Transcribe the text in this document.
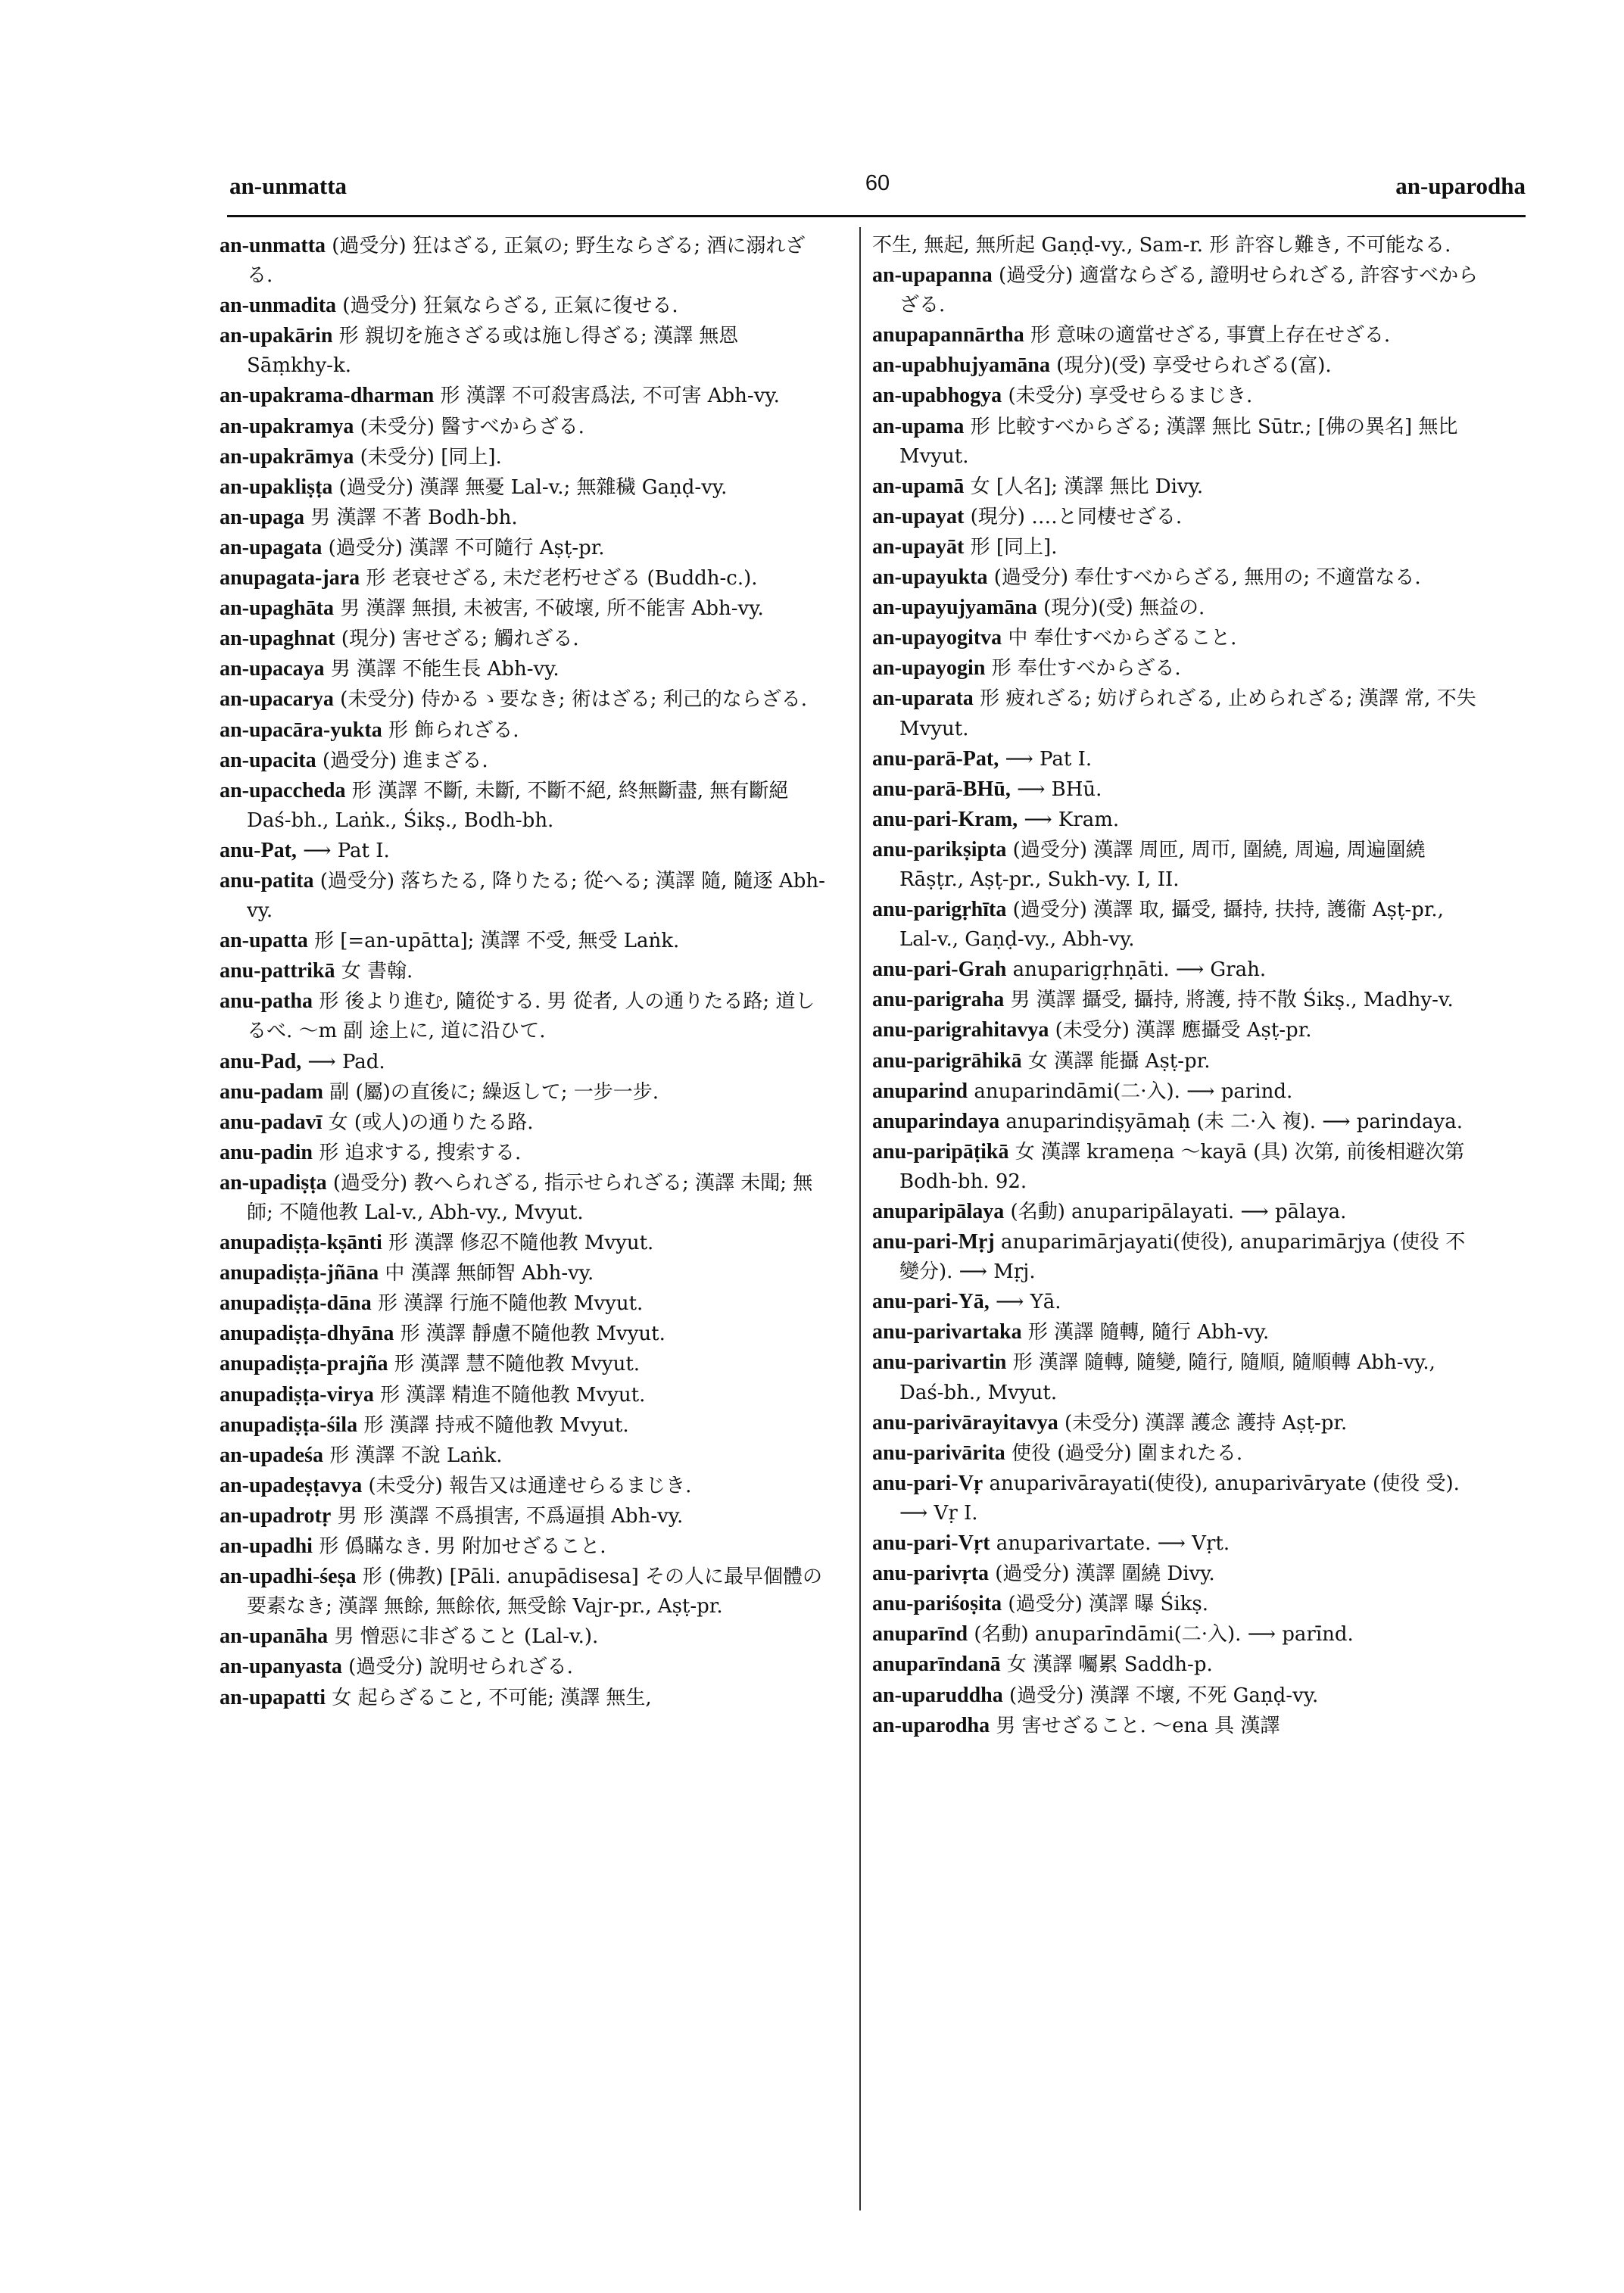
an-unmatta	60	an-uparodha
an-unmatta (過受分) 狂はざる, 正氣の; 野生ならざる; 酒に溺れざる.
an-unmadita (過受分) 狂氣ならざる, 正氣に復せる.
an-upakārin 形 親切を施さざる或は施し得ざる; 漢譯 無恩 Sāṃkhy-k.
an-upakrama-dharman 形 漢譯 不可殺害爲法, 不可害 Abh-vy.
an-upakramya (未受分) 醫すべからざる.
an-upakrāmya (未受分) [同上].
an-upakliṣṭa (過受分) 漢譯 無憂 Lal-v.; 無雜穢 Gaṇḍ-vy.
an-upaga 男 漢譯 不著 Bodh-bh.
an-upagata (過受分) 漢譯 不可隨行 Aṣṭ-pr.
anupagata-jara 形 老衰せざる, 未だ老朽せざる (Buddh-c.).
an-upaghāta 男 漢譯 無損, 未被害, 不破壞, 所不能害 Abh-vy.
an-upaghnat (現分) 害せざる; 觸れざる.
an-upacaya 男 漢譯 不能生長 Abh-vy.
an-upacarya (未受分) 侍かるゝ要なき; 術はざる; 利己的ならざる.
an-upacāra-yukta 形 飾られざる.
an-upacita (過受分) 進まざる.
an-upaccheda 形 漢譯 不斷, 未斷, 不斷不絕, 終無斷盡, 無有斷絕 Daś-bh., Laṅk., Śikṣ., Bodh-bh.
anu-Pat, ⟶ Pat I.
anu-patita (過受分) 落ちたる, 降りたる; 從へる; 漢譯 隨, 隨逐 Abh-vy.
an-upatta 形 [=an-upātta]; 漢譯 不受, 無受 Laṅk.
anu-pattrikā 女 書翰.
anu-patha 形 後より進む, 隨從する. 男 從者, 人の通りたる路; 道しるべ. ～m 副 途上に, 道に沿ひて.
anu-Pad, ⟶ Pad.
anu-padam 副 (屬)の直後に; 繰返して; 一步一步.
anu-padavī 女 (或人)の通りたる路.
anu-padin 形 追求する, 搜索する.
an-upadiṣṭa (過受分) 教へられざる, 指示せられざる; 漢譯 未聞; 無師; 不隨他教 Lal-v., Abh-vy., Mvyut.
anupadiṣṭa-kṣānti 形 漢譯 修忍不隨他教 Mvyut.
anupadiṣṭa-jñāna 中 漢譯 無師智 Abh-vy.
anupadiṣṭa-dāna 形 漢譯 行施不隨他教 Mvyut.
anupadiṣṭa-dhyāna 形 漢譯 靜慮不隨他教 Mvyut.
anupadiṣṭa-prajña 形 漢譯 慧不隨他教 Mvyut.
anupadiṣṭa-virya 形 漢譯 精進不隨他教 Mvyut.
anupadiṣṭa-śila 形 漢譯 持戒不隨他教 Mvyut.
an-upadeśa 形 漢譯 不說 Laṅk.
an-upadeṣṭavya (未受分) 報告又は通達せらるまじき.
an-upadrotṛ 男 形 漢譯 不爲損害, 不爲逼損 Abh-vy.
an-upadhi 形 僞瞞なき. 男 附加せざること.
an-upadhi-śeṣa 形 (佛教) [Pāli. anupādisesa] その人に最早個體の要素なき; 漢譯 無餘, 無餘依, 無受餘 Vajr-pr., Aṣṭ-pr.
an-upanāha 男 憎惡に非ざること (Lal-v.).
an-upanyasta (過受分) 說明せられざる.
an-upapatti 女 起らざること, 不可能; 漢譯 無生,
不生, 無起, 無所起 Gaṇḍ-vy., Sam-r. 形 許容し難き, 不可能なる.
an-upapanna (過受分) 適當ならざる, 證明せられざる, 許容すべからざる.
anupapannārtha 形 意味の適當せざる, 事實上存在せざる.
an-upabhujyamāna (現分)(受) 享受せられざる(富).
an-upabhogya (未受分) 享受せらるまじき.
an-upama 形 比較すべからざる; 漢譯 無比 Sūtr.; [佛の異名] 無比 Mvyut.
an-upamā 女 [人名]; 漢譯 無比 Divy.
an-upayat (現分) ‥‥と同棲せざる.
an-upayāt 形 [同上].
an-upayukta (過受分) 奉仕すべからざる, 無用の; 不適當なる.
an-upayujyamāna (現分)(受) 無益の.
an-upayogitva 中 奉仕すべからざること.
an-upayogin 形 奉仕すべからざる.
an-uparata 形 疲れざる; 妨げられざる, 止められざる; 漢譯 常, 不失 Mvyut.
anu-parā-Pat, ⟶ Pat I.
anu-parā-BHū, ⟶ BHū.
anu-pari-Kram, ⟶ Kram.
anu-parikṣipta (過受分) 漢譯 周匝, 周帀, 圍繞, 周遍, 周遍圍繞 Rāṣṭr., Aṣṭ-pr., Sukh-vy. I, II.
anu-parigṛhīta (過受分) 漢譯 取, 攝受, 攝持, 扶持, 護衞 Aṣṭ-pr., Lal-v., Gaṇḍ-vy., Abh-vy.
anu-pari-Grah anuparigṛhṇāti. ⟶ Grah.
anu-parigraha 男 漢譯 攝受, 攝持, 將護, 持不散 Śikṣ., Madhy-v.
anu-parigrahitavya (未受分) 漢譯 應攝受 Aṣṭ-pr.
anu-parigrāhikā 女 漢譯 能攝 Aṣṭ-pr.
anuparind anuparindāmi(二·入). ⟶ parind.
anuparindaya anuparindiṣyāmaḥ (未 二·入 複). ⟶ parindaya.
anu-paripāṭikā 女 漢譯 krameṇa ～kayā (具) 次第, 前後相避次第 Bodh-bh. 92.
anuparipālaya (名動) anuparipālayati. ⟶ pālaya.
anu-pari-Mṛj anuparimārjayati(使役), anuparimārjya (使役 不變分). ⟶ Mṛj.
anu-pari-Yā, ⟶ Yā.
anu-parivartaka 形 漢譯 隨轉, 隨行 Abh-vy.
anu-parivartin 形 漢譯 隨轉, 隨變, 隨行, 隨順, 隨順轉 Abh-vy., Daś-bh., Mvyut.
anu-parivārayitavya (未受分) 漢譯 護念 護持 Aṣṭ-pr.
anu-parivārita 使役 (過受分) 圍まれたる.
anu-pari-Vṛ anuparivārayati(使役), anuparivāryate (使役 受). ⟶ Vṛ I.
anu-pari-Vṛt anuparivartate. ⟶ Vṛt.
anu-parivṛta (過受分) 漢譯 圍繞 Divy.
anu-pariśoṣita (過受分) 漢譯 曝 Śikṣ.
anuparīnd (名動) anuparīndāmi(二·入). ⟶ parīnd.
anuparīndanā 女 漢譯 囑累 Saddh-p.
an-uparuddha (過受分) 漢譯 不壞, 不死 Gaṇḍ-vy.
an-uparodha 男 害せざること. ～ena 具 漢譯
